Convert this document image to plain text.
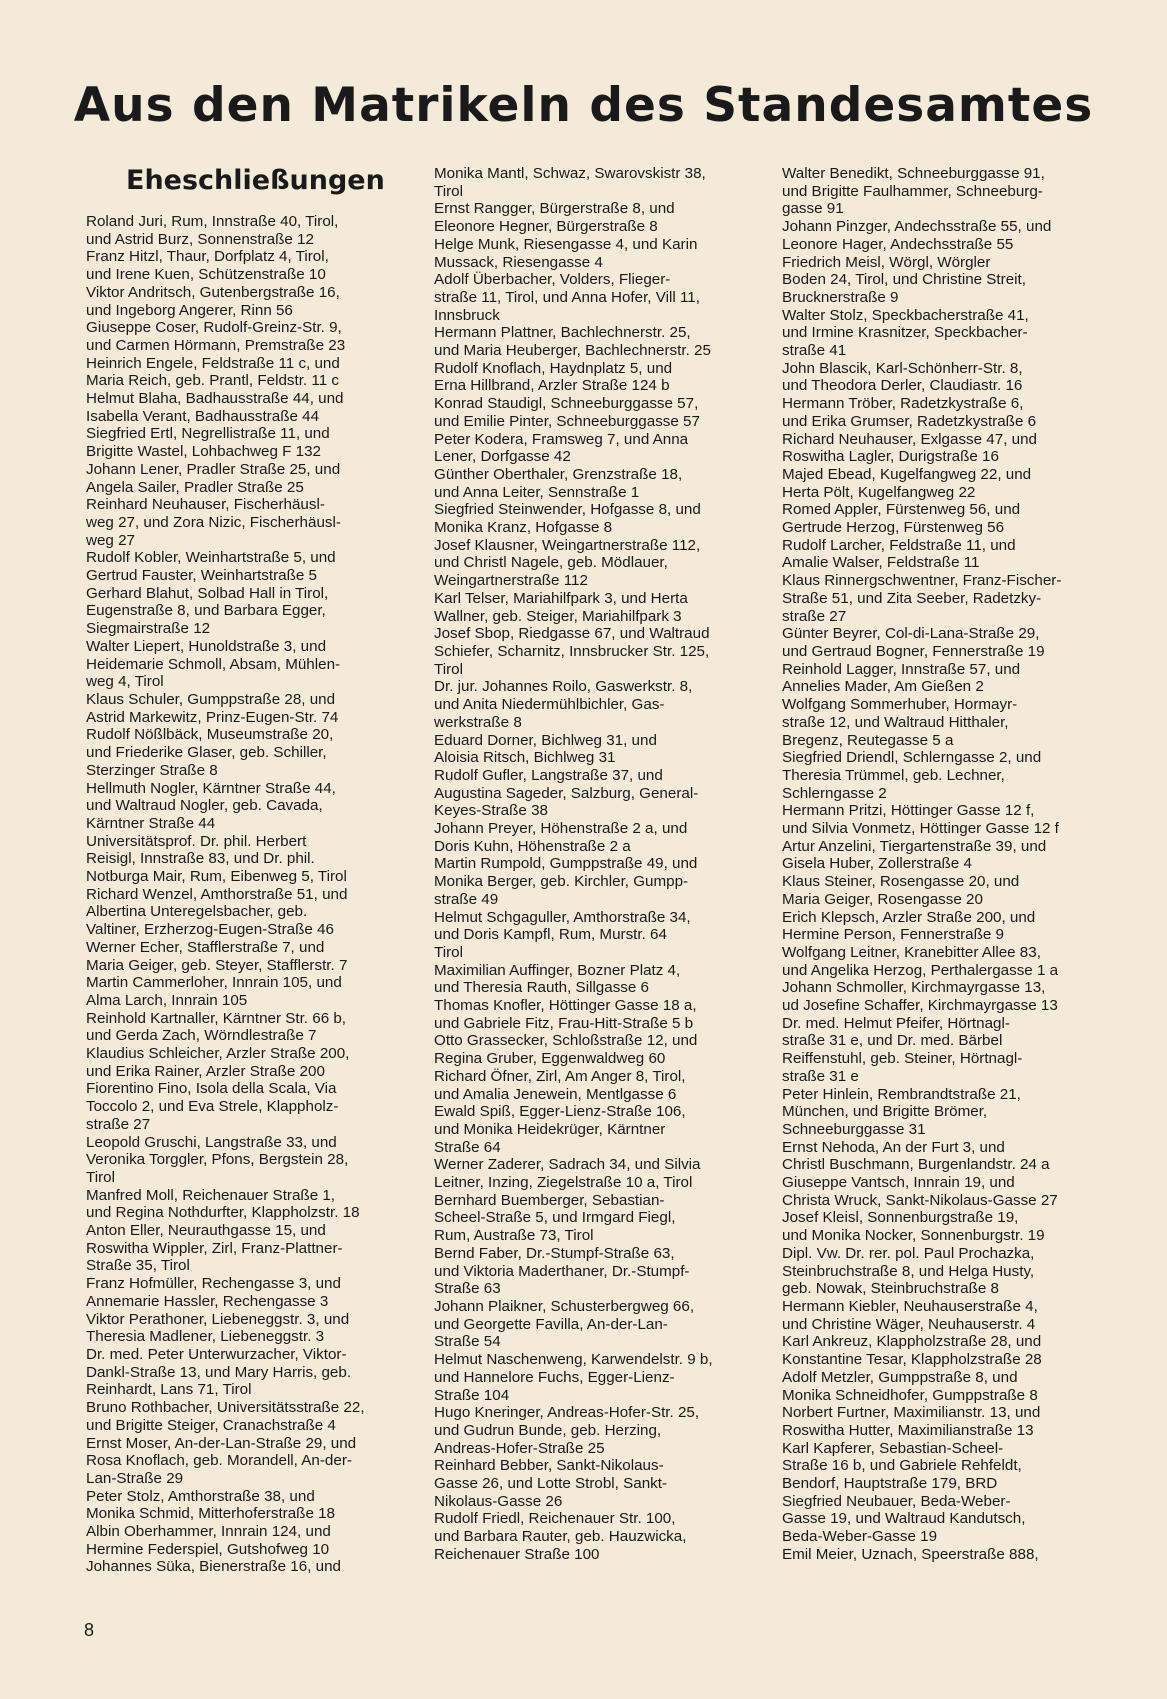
Aus den Matrikeln des Standesamtes
Eheschließungen
Roland Juri, Rum, Innstraße 40, Tirol,
und Astrid Burz, Sonnenstraße 12
Franz Hitzl, Thaur, Dorfplatz 4, Tirol,
und Irene Kuen, Schützenstraße 10
Viktor Andritsch, Gutenbergstraße 16,
und Ingeborg Angerer, Rinn 56
Giuseppe Coser, Rudolf-Greinz-Str. 9,
und Carmen Hörmann, Premstraße 23
Heinrich Engele, Feldstraße 11 c, und
Maria Reich, geb. Prantl, Feldstr. 11 c
Helmut Blaha, Badhausstraße 44, und
Isabella Verant, Badhausstraße 44
Siegfried Ertl, Negrellistraße 11, und
Brigitte Wastel, Lohbachweg F 132
Johann Lener, Pradler Straße 25, und
Angela Sailer, Pradler Straße 25
Reinhard Neuhauser, Fischerhäusl-
weg 27, und Zora Nizic, Fischerhäusl-
weg 27
Rudolf Kobler, Weinhartstraße 5, und
Gertrud Fauster, Weinhartstraße 5
Gerhard Blahut, Solbad Hall in Tirol,
Eugenstraße 8, und Barbara Egger,
Siegmairstraße 12
Walter Liepert, Hunoldstraße 3, und
Heidemarie Schmoll, Absam, Mühlen-
weg 4, Tirol
Klaus Schuler, Gumppstraße 28, und
Astrid Markewitz, Prinz-Eugen-Str. 74
Rudolf Nößlbäck, Museumstraße 20,
und Friederike Glaser, geb. Schiller,
Sterzinger Straße 8
Hellmuth Nogler, Kärntner Straße 44,
und Waltraud Nogler, geb. Cavada,
Kärntner Straße 44
Universitätsprof. Dr. phil. Herbert
Reisigl, Innstraße 83, und Dr. phil.
Notburga Mair, Rum, Eibenweg 5, Tirol
Richard Wenzel, Amthorstraße 51, und
Albertina Unteregelsbacher, geb.
Valtiner, Erzherzog-Eugen-Straße 46
Werner Echer, Stafflerstraße 7, und
Maria Geiger, geb. Steyer, Stafflerstr. 7
Martin Cammerloher, Innrain 105, und
Alma Larch, Innrain 105
Reinhold Kartnaller, Kärntner Str. 66 b,
und Gerda Zach, Wörndlestraße 7
Klaudius Schleicher, Arzler Straße 200,
und Erika Rainer, Arzler Straße 200
Fiorentino Fino, Isola della Scala, Via
Toccolo 2, und Eva Strele, Klappholz-
straße 27
Leopold Gruschi, Langstraße 33, und
Veronika Torggler, Pfons, Bergstein 28,
Tirol
Manfred Moll, Reichenauer Straße 1,
und Regina Nothdurfter, Klappholzstr. 18
Anton Eller, Neurauthgasse 15, und
Roswitha Wippler, Zirl, Franz-Plattner-
Straße 35, Tirol
Franz Hofmüller, Rechengasse 3, und
Annemarie Hassler, Rechengasse 3
Viktor Perathoner, Liebeneggstr. 3, und
Theresia Madlener, Liebeneggstr. 3
Dr. med. Peter Unterwurzacher, Viktor-
Dankl-Straße 13, und Mary Harris, geb.
Reinhardt, Lans 71, Tirol
Bruno Rothbacher, Universitätsstraße 22,
und Brigitte Steiger, Cranachstraße 4
Ernst Moser, An-der-Lan-Straße 29, und
Rosa Knoflach, geb. Morandell, An-der-
Lan-Straße 29
Peter Stolz, Amthorstraße 38, und
Monika Schmid, Mitterhoferstraße 18
Albin Oberhammer, Innrain 124, und
Hermine Federspiel, Gutshofweg 10
Johannes Süka, Bienerstraße 16, und
Monika Mantl, Schwaz, Swarovskistr 38,
Tirol
Ernst Rangger, Bürgerstraße 8, und
Eleonore Hegner, Bürgerstraße 8
Helge Munk, Riesengasse 4, und Karin
Mussack, Riesengasse 4
Adolf Überbacher, Volders, Flieger-
straße 11, Tirol, und Anna Hofer, Vill 11,
Innsbruck
Hermann Plattner, Bachlechnerstr. 25,
und Maria Heuberger, Bachlechnerstr. 25
Rudolf Knoflach, Haydnplatz 5, und
Erna Hillbrand, Arzler Straße 124 b
Konrad Staudigl, Schneeburggasse 57,
und Emilie Pinter, Schneeburggasse 57
Peter Kodera, Framsweg 7, und Anna
Lener, Dorfgasse 42
Günther Oberthaler, Grenzstraße 18,
und Anna Leiter, Sennstraße 1
Siegfried Steinwender, Hofgasse 8, und
Monika Kranz, Hofgasse 8
Josef Klausner, Weingartnerstraße 112,
und Christl Nagele, geb. Mödlauer,
Weingartnerstraße 112
Karl Telser, Mariahilfpark 3, und Herta
Wallner, geb. Steiger, Mariahilfpark 3
Josef Sbop, Riedgasse 67, und Waltraud
Schiefer, Scharnitz, Innsbrucker Str. 125,
Tirol
Dr. jur. Johannes Roilo, Gaswerkstr. 8,
und Anita Niedermühlbichler, Gas-
werkstraße 8
Eduard Dorner, Bichlweg 31, und
Aloisia Ritsch, Bichlweg 31
Rudolf Gufler, Langstraße 37, und
Augustina Sageder, Salzburg, General-
Keyes-Straße 38
Johann Preyer, Höhenstraße 2 a, und
Doris Kuhn, Höhenstraße 2 a
Martin Rumpold, Gumppstraße 49, und
Monika Berger, geb. Kirchler, Gumpp-
straße 49
Helmut Schgaguller, Amthorstraße 34,
und Doris Kampfl, Rum, Murstr. 64
Tirol
Maximilian Auffinger, Bozner Platz 4,
und Theresia Rauth, Sillgasse 6
Thomas Knofler, Höttinger Gasse 18 a,
und Gabriele Fitz, Frau-Hitt-Straße 5 b
Otto Grassecker, Schloßstraße 12, und
Regina Gruber, Eggenwaldweg 60
Richard Öfner, Zirl, Am Anger 8, Tirol,
und Amalia Jenewein, Mentlgasse 6
Ewald Spiß, Egger-Lienz-Straße 106,
und Monika Heidekrüger, Kärntner
Straße 64
Werner Zaderer, Sadrach 34, und Silvia
Leitner, Inzing, Ziegelstraße 10 a, Tirol
Bernhard Buemberger, Sebastian-
Scheel-Straße 5, und Irmgard Fiegl,
Rum, Austraße 73, Tirol
Bernd Faber, Dr.-Stumpf-Straße 63,
und Viktoria Maderthaner, Dr.-Stumpf-
Straße 63
Johann Plaikner, Schusterbergweg 66,
und Georgette Favilla, An-der-Lan-
Straße 54
Helmut Naschenweng, Karwendelstr. 9 b,
und Hannelore Fuchs, Egger-Lienz-
Straße 104
Hugo Kneringer, Andreas-Hofer-Str. 25,
und Gudrun Bunde, geb. Herzing,
Andreas-Hofer-Straße 25
Reinhard Bebber, Sankt-Nikolaus-
Gasse 26, und Lotte Strobl, Sankt-
Nikolaus-Gasse 26
Rudolf Friedl, Reichenauer Str. 100,
und Barbara Rauter, geb. Hauzwicka,
Reichenauer Straße 100
Walter Benedikt, Schneeburggasse 91,
und Brigitte Faulhammer, Schneeburg-
gasse 91
Johann Pinzger, Andechsstraße 55, und
Leonore Hager, Andechsstraße 55
Friedrich Meisl, Wörgl, Wörgler
Boden 24, Tirol, und Christine Streit,
Brucknerstraße 9
Walter Stolz, Speckbacherstraße 41,
und Irmine Krasnitzer, Speckbacher-
straße 41
John Blascik, Karl-Schönherr-Str. 8,
und Theodora Derler, Claudiastr. 16
Hermann Tröber, Radetzkystraße 6,
und Erika Grumser, Radetzkystraße 6
Richard Neuhauser, Exlgasse 47, und
Roswitha Lagler, Durigstraße 16
Majed Ebead, Kugelfangweg 22, und
Herta Pölt, Kugelfangweg 22
Romed Appler, Fürstenweg 56, und
Gertrude Herzog, Fürstenweg 56
Rudolf Larcher, Feldstraße 11, und
Amalie Walser, Feldstraße 11
Klaus Rinnergschwentner, Franz-Fischer-
Straße 51, und Zita Seeber, Radetzky-
straße 27
Günter Beyrer, Col-di-Lana-Straße 29,
und Gertraud Bogner, Fennerstraße 19
Reinhold Lagger, Innstraße 57, und
Annelies Mader, Am Gießen 2
Wolfgang Sommerhuber, Hormayr-
straße 12, und Waltraud Hitthaler,
Bregenz, Reutegasse 5 a
Siegfried Driendl, Schlerngasse 2, und
Theresia Trümmel, geb. Lechner,
Schlerngasse 2
Hermann Pritzi, Höttinger Gasse 12 f,
und Silvia Vonmetz, Höttinger Gasse 12 f
Artur Anzelini, Tiergartenstraße 39, und
Gisela Huber, Zollerstraße 4
Klaus Steiner, Rosengasse 20, und
Maria Geiger, Rosengasse 20
Erich Klepsch, Arzler Straße 200, und
Hermine Person, Fennerstraße 9
Wolfgang Leitner, Kranebitter Allee 83,
und Angelika Herzog, Perthalergasse 1 a
Johann Schmoller, Kirchmayrgasse 13,
ud Josefine Schaffer, Kirchmayrgasse 13
Dr. med. Helmut Pfeifer, Hörtnagl-
straße 31 e, und Dr. med. Bärbel
Reiffenstuhl, geb. Steiner, Hörtnagl-
straße 31 e
Peter Hinlein, Rembrandtstraße 21,
München, und Brigitte Brömer,
Schneeburggasse 31
Ernst Nehoda, An der Furt 3, und
Christl Buschmann, Burgenlandstr. 24 a
Giuseppe Vantsch, Innrain 19, und
Christa Wruck, Sankt-Nikolaus-Gasse 27
Josef Kleisl, Sonnenburgstraße 19,
und Monika Nocker, Sonnenburgstr. 19
Dipl. Vw. Dr. rer. pol. Paul Prochazka,
Steinbruchstraße 8, und Helga Husty,
geb. Nowak, Steinbruchstraße 8
Hermann Kiebler, Neuhauserstraße 4,
und Christine Wäger, Neuhauserstr. 4
Karl Ankreuz, Klappholzstraße 28, und
Konstantine Tesar, Klappholzstraße 28
Adolf Metzler, Gumppstraße 8, und
Monika Schneidhofer, Gumppstraße 8
Norbert Furtner, Maximilianstr. 13, und
Roswitha Hutter, Maximilianstraße 13
Karl Kapferer, Sebastian-Scheel-
Straße 16 b, und Gabriele Rehfeldt,
Bendorf, Hauptstraße 179, BRD
Siegfried Neubauer, Beda-Weber-
Gasse 19, und Waltraud Kandutsch,
Beda-Weber-Gasse 19
Emil Meier, Uznach, Speerstraße 888,
8
